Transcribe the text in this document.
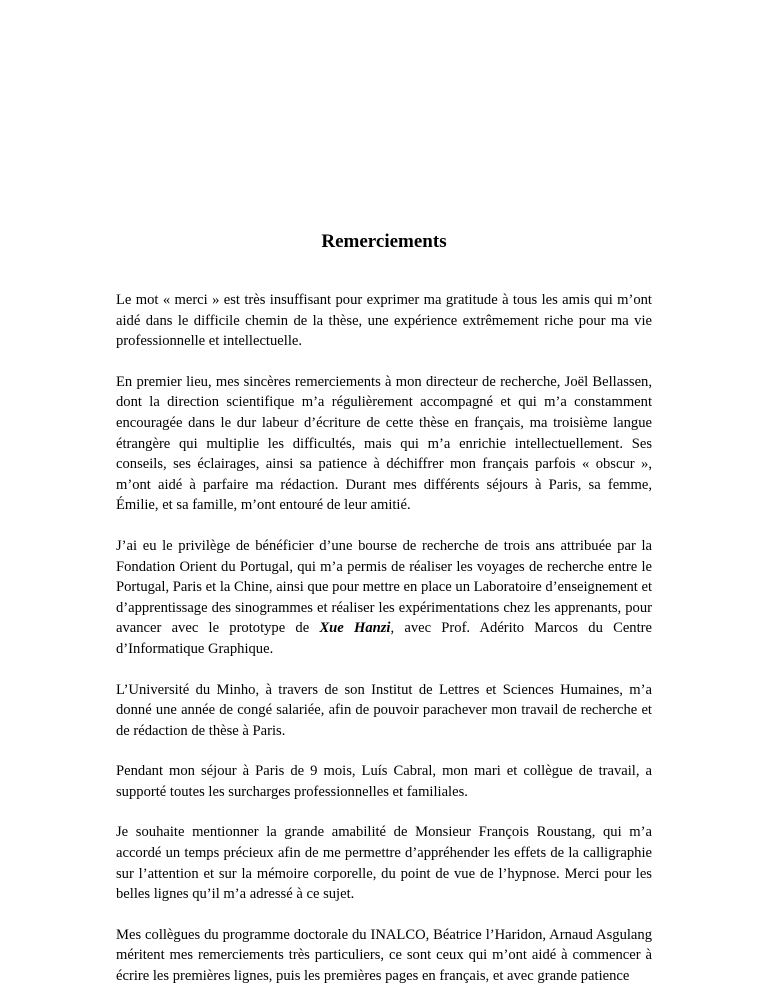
Remerciements

Le mot « merci » est très insuffisant pour exprimer ma gratitude à tous les amis qui m’ont aidé dans le difficile chemin de la thèse, une expérience extrêmement riche pour ma vie professionnelle et intellectuelle.

En premier lieu, mes sincères remerciements à mon directeur de recherche, Joël Bellassen, dont la direction scientifique m’a régulièrement accompagné et qui m’a constamment encouragée dans le dur labeur d’écriture de cette thèse en français, ma troisième langue étrangère qui multiplie les difficultés, mais qui m’a enrichie intellectuellement. Ses conseils, ses éclairages, ainsi sa patience à déchiffrer mon français parfois « obscur », m’ont aidé à parfaire ma rédaction. Durant mes différents séjours à Paris, sa femme, Émilie, et sa famille, m’ont entouré de leur amitié.

J’ai eu le privilège de bénéficier d’une bourse de recherche de trois ans attribuée par la Fondation Orient du Portugal, qui m’a permis de réaliser les voyages de recherche entre le Portugal, Paris et la Chine, ainsi que pour mettre en place un Laboratoire d’enseignement et d’apprentissage des sinogrammes et réaliser les expérimentations chez les apprenants, pour avancer avec le prototype de Xue Hanzi, avec Prof. Adérito Marcos du Centre d’Informatique Graphique.

L’Université du Minho, à travers de son Institut de Lettres et Sciences Humaines, m’a donné une année de congé salariée, afin de pouvoir parachever mon travail de recherche et de rédaction de thèse à Paris.

Pendant mon séjour à Paris de 9 mois, Luís Cabral, mon mari et collègue de travail, a supporté toutes les surcharges professionnelles et familiales.

Je souhaite mentionner la grande amabilité de Monsieur François Roustang, qui m’a accordé un temps précieux afin de me permettre d’appréhender les effets de la calligraphie sur l’attention et sur la mémoire corporelle, du point de vue de l’hypnose. Merci pour les belles lignes qu’il m’a adressé à ce sujet.

Mes collègues du programme doctorale du INALCO, Béatrice l’Haridon, Arnaud Asgulang méritent mes remerciements très particuliers, ce sont ceux qui m’ont aidé à commencer à écrire les premières lignes, puis les premières pages en français, et avec grande patience
